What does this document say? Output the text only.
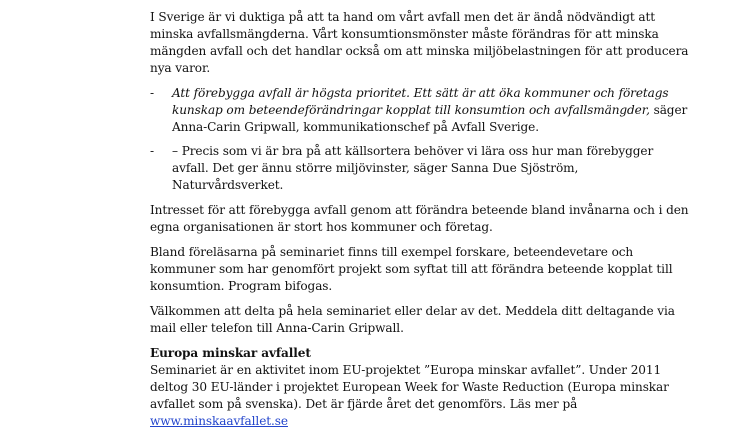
I Sverige är vi duktiga på att ta hand om vårt avfall men det är ändå nödvändigt att minska avfallsmängderna. Vårt konsumtionsmönster måste förändras för att minska mängden avfall och det handlar också om att minska miljöbelastningen för att producera nya varor.

- Att förebygga avfall är högsta prioritet. Ett sätt är att öka kommuner och företags kunskap om beteendeförändringar kopplat till konsumtion och avfallsmängder, säger Anna-Carin Gripwall, kommunikationschef på Avfall Sverige.
- – Precis som vi är bra på att källsortera behöver vi lära oss hur man förebygger avfall. Det ger ännu större miljövinster, säger Sanna Due Sjöström, Naturvårdsverket.

Intresset för att förebygga avfall genom att förändra beteende bland invånarna och i den egna organisationen är stort hos kommuner och företag.

Bland föreläsarna på seminariet finns till exempel forskare, beteendevetare och kommuner som har genomfört projekt som syftat till att förändra beteende kopplat till konsumtion. Program bifogas.

Välkommen att delta på hela seminariet eller delar av det. Meddela ditt deltagande via mail eller telefon till Anna-Carin Gripwall.

Europa minskar avfallet

Seminariet är en aktivitet inom EU-projektet ”Europa minskar avfallet”. Under 2011 deltog 30 EU-länder i projektet European Week for Waste Reduction (Europa minskar avfallet som på svenska). Det är fjärde året det genomförs. Läs mer på www.minskaavfallet.se
